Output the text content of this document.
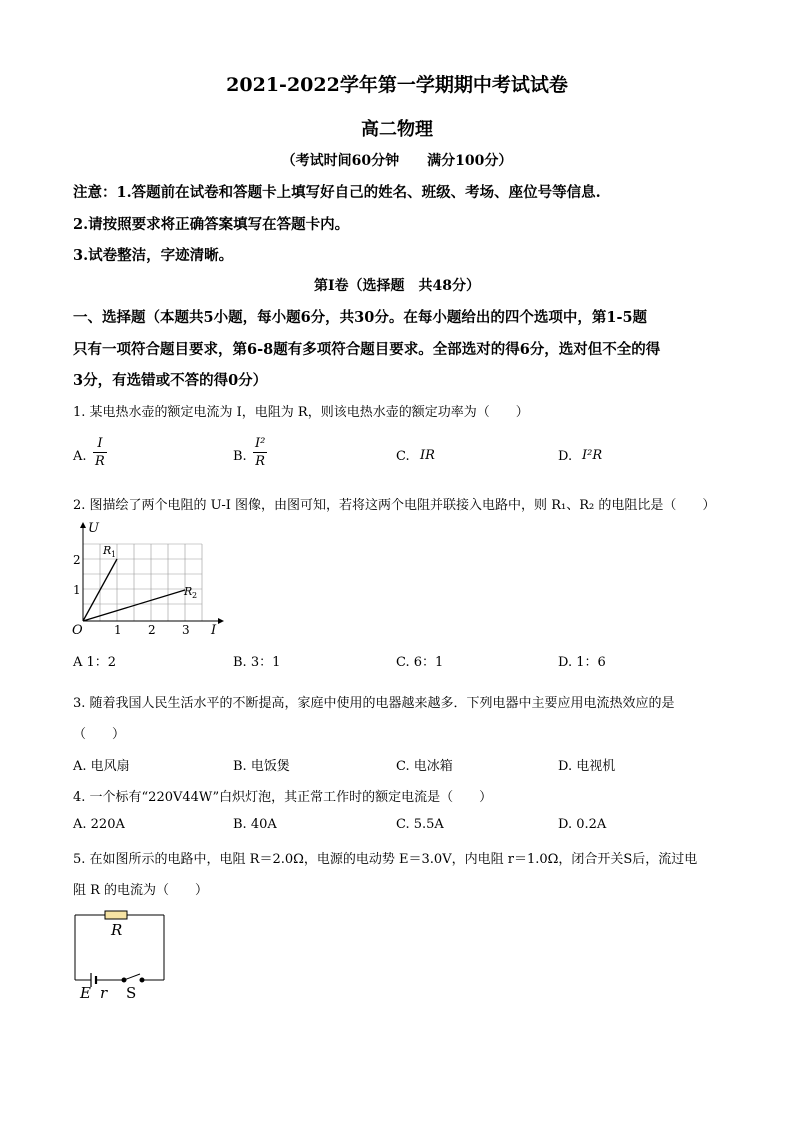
2021-2022学年第一学期期中考试试卷
高二物理
（考试时间60分钟　　满分100分）
注意：1.答题前在试卷和答题卡上填写好自己的姓名、班级、考场、座位号等信息.
2.请按照要求将正确答案填写在答题卡内。
3.试卷整洁，字迹清晰。
第Ⅰ卷（选择题　共48分）
一、选择题（本题共5小题，每小题6分，共30分。在每小题给出的四个选项中，第1-5题
只有一项符合题目要求，第6-8题有多项符合题目要求。全部选对的得6分，选对但不全的得
3分，有选错或不答的得0分）
1. 某电热水壶的额定电流为 I，电阻为 R，则该电热水壶的额定功率为（　　）
A.
I
R	B.
I²
R	C. IR	D. I²R
2. 图描绘了两个电阻的 U-I 图像，由图可知，若将这两个电阻并联接入电路中，则 R₁、R₂ 的电阻比是（　　）
U
I
O	1 2 3
1
2
R 1
R 2
A 1：2	B. 3：1	C. 6：1	D. 1：6
3. 随着我国人民生活水平的不断提高，家庭中使用的电器越来越多．下列电器中主要应用电流热效应的是
（　　）
A. 电风扇	B. 电饭煲	C. 电冰箱	D. 电视机
4. 一个标有“220V44W”白炽灯泡，其正常工作时的额定电流是（　　）
A. 220A	B. 40A	C. 5.5A	D. 0.2A
5. 在如图所示的电路中，电阻 R＝2.0Ω，电源的电动势 E＝3.0V，内电阻 r＝1.0Ω，闭合开关S后，流过电
阻 R 的电流为（　　）
R
E r S
